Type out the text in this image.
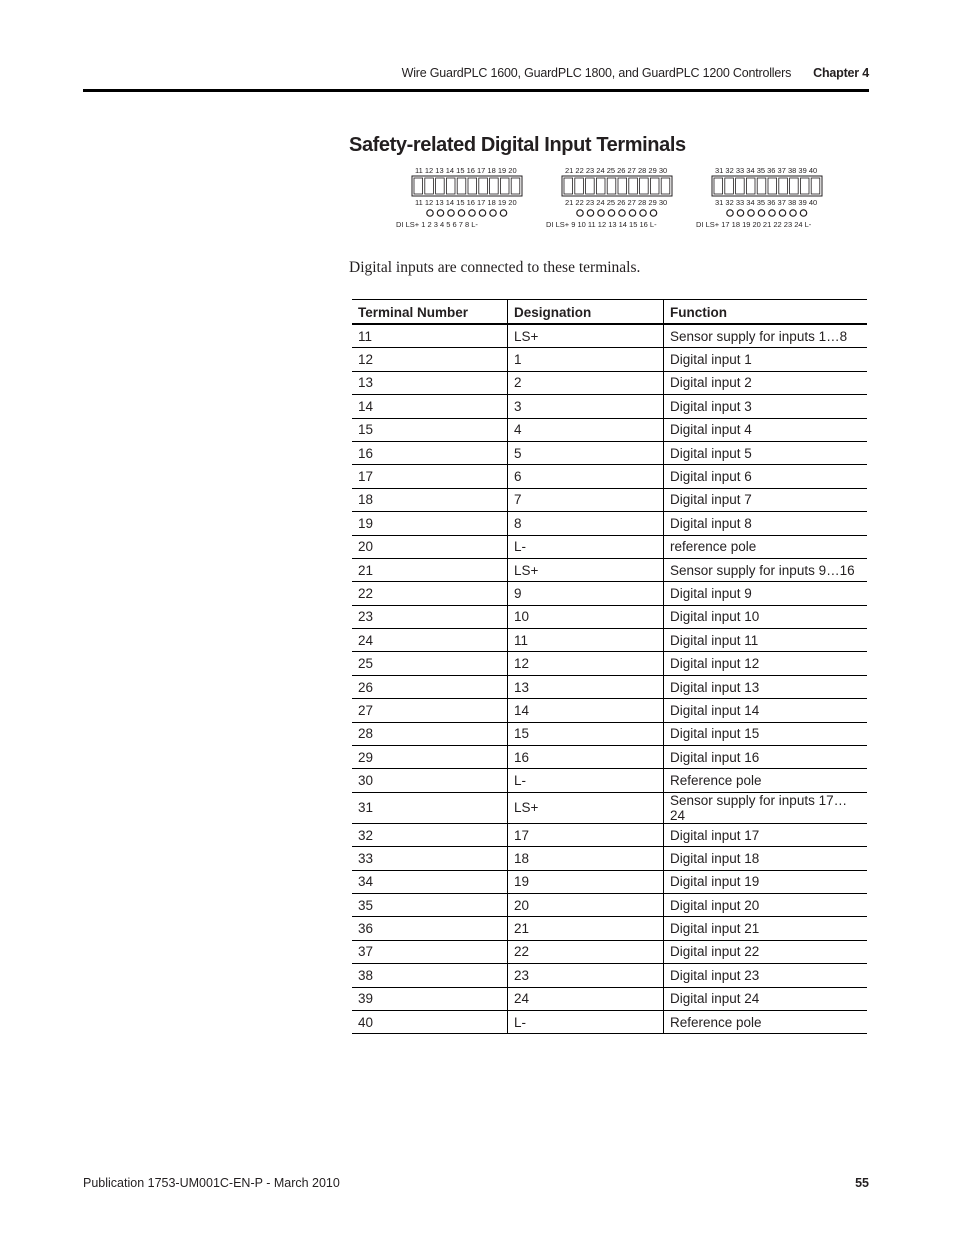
Wire GuardPLC 1600, GuardPLC 1800, and GuardPLC 1200 Controllers Chapter 4
Safety-related Digital Input Terminals
11 12 13 14 15 16 17 18 19 20
11 12 13 14 15 16 17 18 19 20
DI LS+ 1 2 3 4 5 6 7 8 L-
21 22 23 24 25 26 27 28 29 30
21 22 23 24 25 26 27 28 29 30
DI LS+ 9 10 11 12 13 14 15 16 L-
31 32 33 34 35 36 37 38 39 40
31 32 33 34 35 36 37 38 39 40
DI LS+ 17 18 19 20 21 22 23 24 L-

Digital inputs are connected to these terminals.

Terminal Number	Designation	Function
11	LS+	Sensor supply for inputs 1…8
12	1	Digital input 1
13	2	Digital input 2
14	3	Digital input 3
15	4	Digital input 4
16	5	Digital input 5
17	6	Digital input 6
18	7	Digital input 7
19	8	Digital input 8
20	L-	reference pole
21	LS+	Sensor supply for inputs 9…16
22	9	Digital input 9
23	10	Digital input 10
24	11	Digital input 11
25	12	Digital input 12
26	13	Digital input 13
27	14	Digital input 14
28	15	Digital input 15
29	16	Digital input 16
30	L-	Reference pole
31	LS+	Sensor supply for inputs 17…24
32	17	Digital input 17
33	18	Digital input 18
34	19	Digital input 19
35	20	Digital input 20
36	21	Digital input 21
37	22	Digital input 22
38	23	Digital input 23
39	24	Digital input 24
40	L-	Reference pole
Publication 1753-UM001C-EN-P - March 2010	55
